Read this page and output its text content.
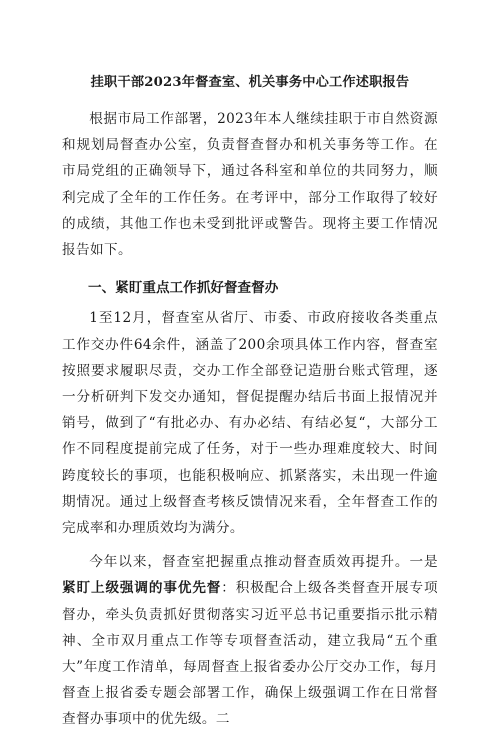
挂职干部2023年督查室、机关事务中心工作述职报告

根据市局工作部署，2023年本人继续挂职于市自然资源和规划局督查办公室，负责督查督办和机关事务等工作。在市局党组的正确领导下，通过各科室和单位的共同努力，顺利完成了全年的工作任务。在考评中，部分工作取得了较好的成绩，其他工作也未受到批评或警告。现将主要工作情况报告如下。

一、紧盯重点工作抓好督查督办

1至12月，督查室从省厅、市委、市政府接收各类重点工作交办件64余件，涵盖了200余项具体工作内容，督查室按照要求履职尽责，交办工作全部登记造册台账式管理，逐一分析研判下发交办通知，督促提醒办结后书面上报情况并销号，做到了“有批必办、有办必结、有结必复“，大部分工作不同程度提前完成了任务，对于一些办理难度较大、时间跨度较长的事项，也能积极响应、抓紧落实，未出现一件逾期情况。通过上级督查考核反馈情况来看，全年督查工作的完成率和办理质效均为满分。

今年以来，督查室把握重点推动督查质效再提升。一是紧盯上级强调的事优先督：积极配合上级各类督查开展专项督办，牵头负责抓好贯彻落实习近平总书记重要指示批示精神、全市双月重点工作等专项督查活动，建立我局“五个重大”年度工作清单，每周督查上报省委办公厅交办工作，每月督查上报省委专题会部署工作，确保上级强调工作在日常督查督办事项中的优先级。二
